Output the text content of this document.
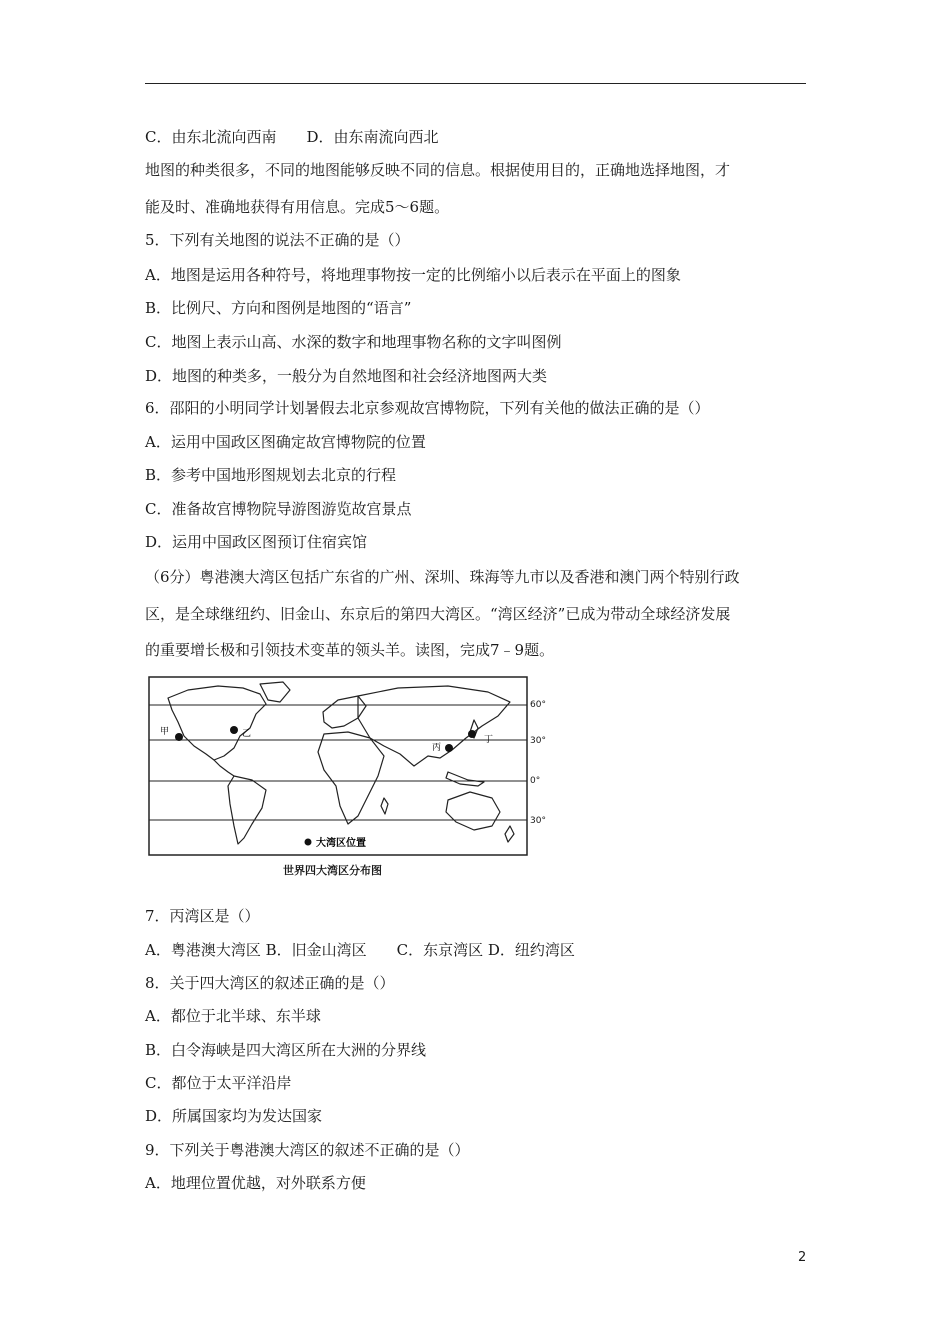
C．由东北流向西南　　D．由东南流向西北
地图的种类很多，不同的地图能够反映不同的信息。根据使用目的，正确地选择地图，才
能及时、准确地获得有用信息。完成5～6题。
5．下列有关地图的说法不正确的是（）
A．地图是运用各种符号，将地理事物按一定的比例缩小以后表示在平面上的图象
B．比例尺、方向和图例是地图的“语言”
C．地图上表示山高、水深的数字和地理事物名称的文字叫图例
D．地图的种类多，一般分为自然地图和社会经济地图两大类
6．邵阳的小明同学计划暑假去北京参观故宫博物院，下列有关他的做法正确的是（）
A．运用中国政区图确定故宫博物院的位置
B．参考中国地形图规划去北京的行程
C．准备故宫博物院导游图游览故宫景点
D．运用中国政区图预订住宿宾馆
（6分）粤港澳大湾区包括广东省的广州、深圳、珠海等九市以及香港和澳门两个特别行政
区，是全球继纽约、旧金山、东京后的第四大湾区。“湾区经济”已成为带动全球经济发展
的重要增长极和引领技术变革的领头羊。读图，完成7﹣9题。
甲	乙
丙
丁
大湾区位置
60°
30°
0°
30°
世界四大湾区分布图
7．丙湾区是（）
A．粤港澳大湾区 B．旧金山湾区　　C．东京湾区 D．纽约湾区
8．关于四大湾区的叙述正确的是（）
A．都位于北半球、东半球
B．白令海峡是四大湾区所在大洲的分界线
C．都位于太平洋沿岸
D．所属国家均为发达国家
9．下列关于粤港澳大湾区的叙述不正确的是（）
A．地理位置优越，对外联系方便
2
